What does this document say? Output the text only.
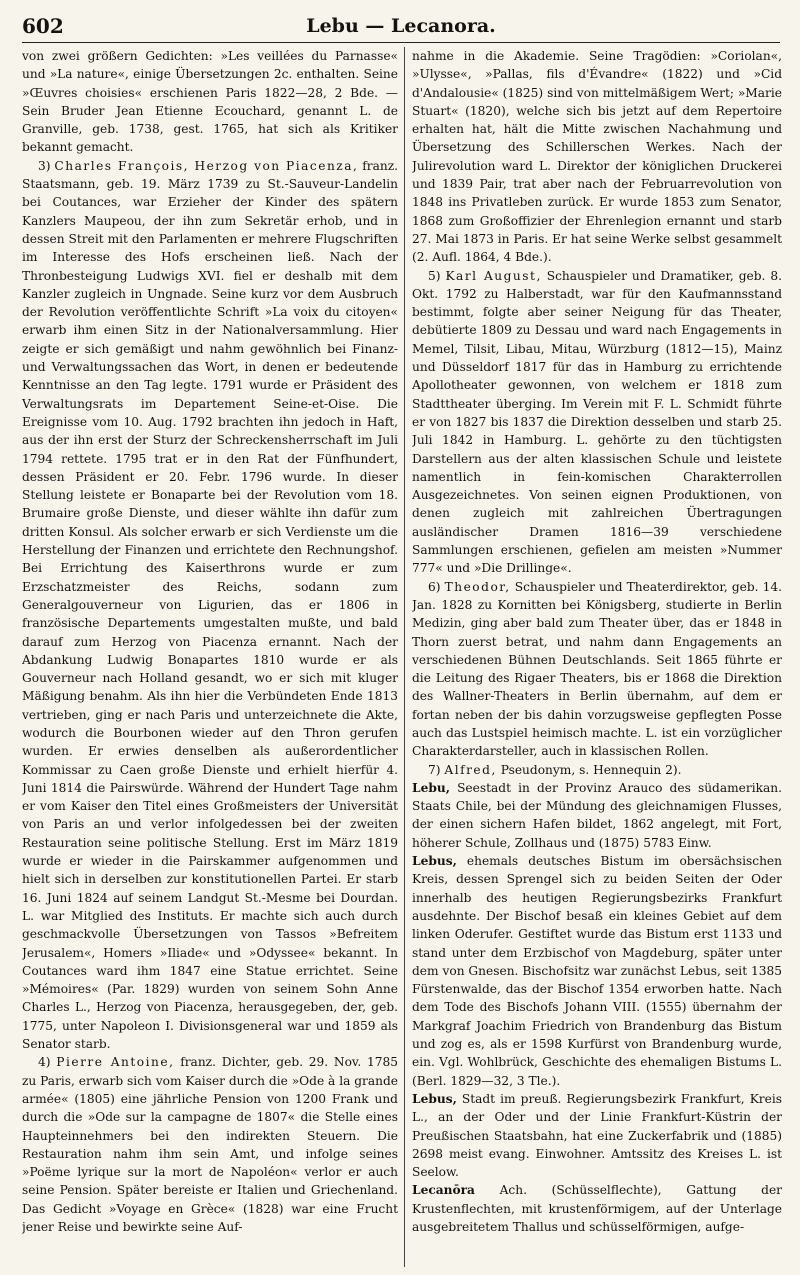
602	Lebu — Lecanora.

von zwei größern Gedichten: »Les veillées du Parnasse« und »La nature«, einige Übersetzungen 2c. enthalten. Seine »Œuvres choisies« erschienen Paris 1822—28, 2 Bde. — Sein Bruder Jean Etienne Ecouchard, genannt L. de Granville, geb. 1738, gest. 1765, hat sich als Kritiker bekannt gemacht.

3) Charles François, Herzog von Piacenza, franz. Staatsmann, geb. 19. März 1739 zu St.-Sauveur-Landelin bei Coutances, war Erzieher der Kinder des spätern Kanzlers Maupeou, der ihn zum Sekretär erhob, und in dessen Streit mit den Parlamenten er mehrere Flugschriften im Interesse des Hofs erscheinen ließ. Nach der Thronbesteigung Ludwigs XVI. fiel er deshalb mit dem Kanzler zugleich in Ungnade. Seine kurz vor dem Ausbruch der Revolution veröffentlichte Schrift »La voix du citoyen« erwarb ihm einen Sitz in der Nationalversammlung. Hier zeigte er sich gemäßigt und nahm gewöhnlich bei Finanz- und Verwaltungssachen das Wort, in denen er bedeutende Kenntnisse an den Tag legte. 1791 wurde er Präsident des Verwaltungsrats im Departement Seine-et-Oise. Die Ereignisse vom 10. Aug. 1792 brachten ihn jedoch in Haft, aus der ihn erst der Sturz der Schreckensherrschaft im Juli 1794 rettete. 1795 trat er in den Rat der Fünfhundert, dessen Präsident er 20. Febr. 1796 wurde. In dieser Stellung leistete er Bonaparte bei der Revolution vom 18. Brumaire große Dienste, und dieser wählte ihn dafür zum dritten Konsul. Als solcher erwarb er sich Verdienste um die Herstellung der Finanzen und errichtete den Rechnungshof. Bei Errichtung des Kaiserthrons wurde er zum Erzschatzmeister des Reichs, sodann zum Generalgouverneur von Ligurien, das er 1806 in französische Departements umgestalten mußte, und bald darauf zum Herzog von Piacenza ernannt. Nach der Abdankung Ludwig Bonapartes 1810 wurde er als Gouverneur nach Holland gesandt, wo er sich mit kluger Mäßigung benahm. Als ihn hier die Verbündeten Ende 1813 vertrieben, ging er nach Paris und unterzeichnete die Akte, wodurch die Bourbonen wieder auf den Thron gerufen wurden. Er erwies denselben als außerordentlicher Kommissar zu Caen große Dienste und erhielt hierfür 4. Juni 1814 die Pairswürde. Während der Hundert Tage nahm er vom Kaiser den Titel eines Großmeisters der Universität von Paris an und verlor infolgedessen bei der zweiten Restauration seine politische Stellung. Erst im März 1819 wurde er wieder in die Pairskammer aufgenommen und hielt sich in derselben zur konstitutionellen Partei. Er starb 16. Juni 1824 auf seinem Landgut St.-Mesme bei Dourdan. L. war Mitglied des Instituts. Er machte sich auch durch geschmackvolle Übersetzungen von Tassos »Befreitem Jerusalem«, Homers »Iliade« und »Odyssee« bekannt. In Coutances ward ihm 1847 eine Statue errichtet. Seine »Mémoires« (Par. 1829) wurden von seinem Sohn Anne Charles L., Herzog von Piacenza, herausgegeben, der, geb. 1775, unter Napoleon I. Divisionsgeneral war und 1859 als Senator starb.

4) Pierre Antoine, franz. Dichter, geb. 29. Nov. 1785 zu Paris, erwarb sich vom Kaiser durch die »Ode à la grande armée« (1805) eine jährliche Pension von 1200 Frank und durch die »Ode sur la campagne de 1807« die Stelle eines Haupteinnehmers bei den indirekten Steuern. Die Restauration nahm ihm sein Amt, und infolge seines »Poëme lyrique sur la mort de Napoléon« verlor er auch seine Pension. Später bereiste er Italien und Griechenland. Das Gedicht »Voyage en Grèce« (1828) war eine Frucht jener Reise und bewirkte seine Auf-

nahme in die Akademie. Seine Tragödien: »Coriolan«, »Ulysse«, »Pallas, fils d'Évandre« (1822) und »Cid d'Andalousie« (1825) sind von mittelmäßigem Wert; »Marie Stuart« (1820), welche sich bis jetzt auf dem Repertoire erhalten hat, hält die Mitte zwischen Nachahmung und Übersetzung des Schillerschen Werkes. Nach der Julirevolution ward L. Direktor der königlichen Druckerei und 1839 Pair, trat aber nach der Februarrevolution von 1848 ins Privatleben zurück. Er wurde 1853 zum Senator, 1868 zum Großoffizier der Ehrenlegion ernannt und starb 27. Mai 1873 in Paris. Er hat seine Werke selbst gesammelt (2. Aufl. 1864, 4 Bde.).

5) Karl August, Schauspieler und Dramatiker, geb. 8. Okt. 1792 zu Halberstadt, war für den Kaufmannsstand bestimmt, folgte aber seiner Neigung für das Theater, debütierte 1809 zu Dessau und ward nach Engagements in Memel, Tilsit, Libau, Mitau, Würzburg (1812—15), Mainz und Düsseldorf 1817 für das in Hamburg zu errichtende Apollotheater gewonnen, von welchem er 1818 zum Stadttheater überging. Im Verein mit F. L. Schmidt führte er von 1827 bis 1837 die Direktion desselben und starb 25. Juli 1842 in Hamburg. L. gehörte zu den tüchtigsten Darstellern aus der alten klassischen Schule und leistete namentlich in fein-komischen Charakterrollen Ausgezeichnetes. Von seinen eignen Produktionen, von denen zugleich mit zahlreichen Übertragungen ausländischer Dramen 1816—39 verschiedene Sammlungen erschienen, gefielen am meisten »Nummer 777« und »Die Drillinge«.

6) Theodor, Schauspieler und Theaterdirektor, geb. 14. Jan. 1828 zu Kornitten bei Königsberg, studierte in Berlin Medizin, ging aber bald zum Theater über, das er 1848 in Thorn zuerst betrat, und nahm dann Engagements an verschiedenen Bühnen Deutschlands. Seit 1865 führte er die Leitung des Rigaer Theaters, bis er 1868 die Direktion des Wallner-Theaters in Berlin übernahm, auf dem er fortan neben der bis dahin vorzugsweise gepflegten Posse auch das Lustspiel heimisch machte. L. ist ein vorzüglicher Charakterdarsteller, auch in klassischen Rollen.

7) Alfred, Pseudonym, s. Hennequin 2).

Lebu, Seestadt in der Provinz Arauco des südamerikan. Staats Chile, bei der Mündung des gleichnamigen Flusses, der einen sichern Hafen bildet, 1862 angelegt, mit Fort, höherer Schule, Zollhaus und (1875) 5783 Einw.

Lebus, ehemals deutsches Bistum im obersächsischen Kreis, dessen Sprengel sich zu beiden Seiten der Oder innerhalb des heutigen Regierungsbezirks Frankfurt ausdehnte. Der Bischof besaß ein kleines Gebiet auf dem linken Oderufer. Gestiftet wurde das Bistum erst 1133 und stand unter dem Erzbischof von Magdeburg, später unter dem von Gnesen. Bischofsitz war zunächst Lebus, seit 1385 Fürstenwalde, das der Bischof 1354 erworben hatte. Nach dem Tode des Bischofs Johann VIII. (1555) übernahm der Markgraf Joachim Friedrich von Brandenburg das Bistum und zog es, als er 1598 Kurfürst von Brandenburg wurde, ein. Vgl. Wohlbrück, Geschichte des ehemaligen Bistums L. (Berl. 1829—32, 3 Tle.).

Lebus, Stadt im preuß. Regierungsbezirk Frankfurt, Kreis L., an der Oder und der Linie Frankfurt-Küstrin der Preußischen Staatsbahn, hat eine Zuckerfabrik und (1885) 2698 meist evang. Einwohner. Amtssitz des Kreises L. ist Seelow.

Lecanōra Ach. (Schüsselflechte), Gattung der Krustenflechten, mit krustenförmigem, auf der Unterlage ausgebreitetem Thallus und schüsselförmigen, aufge-
